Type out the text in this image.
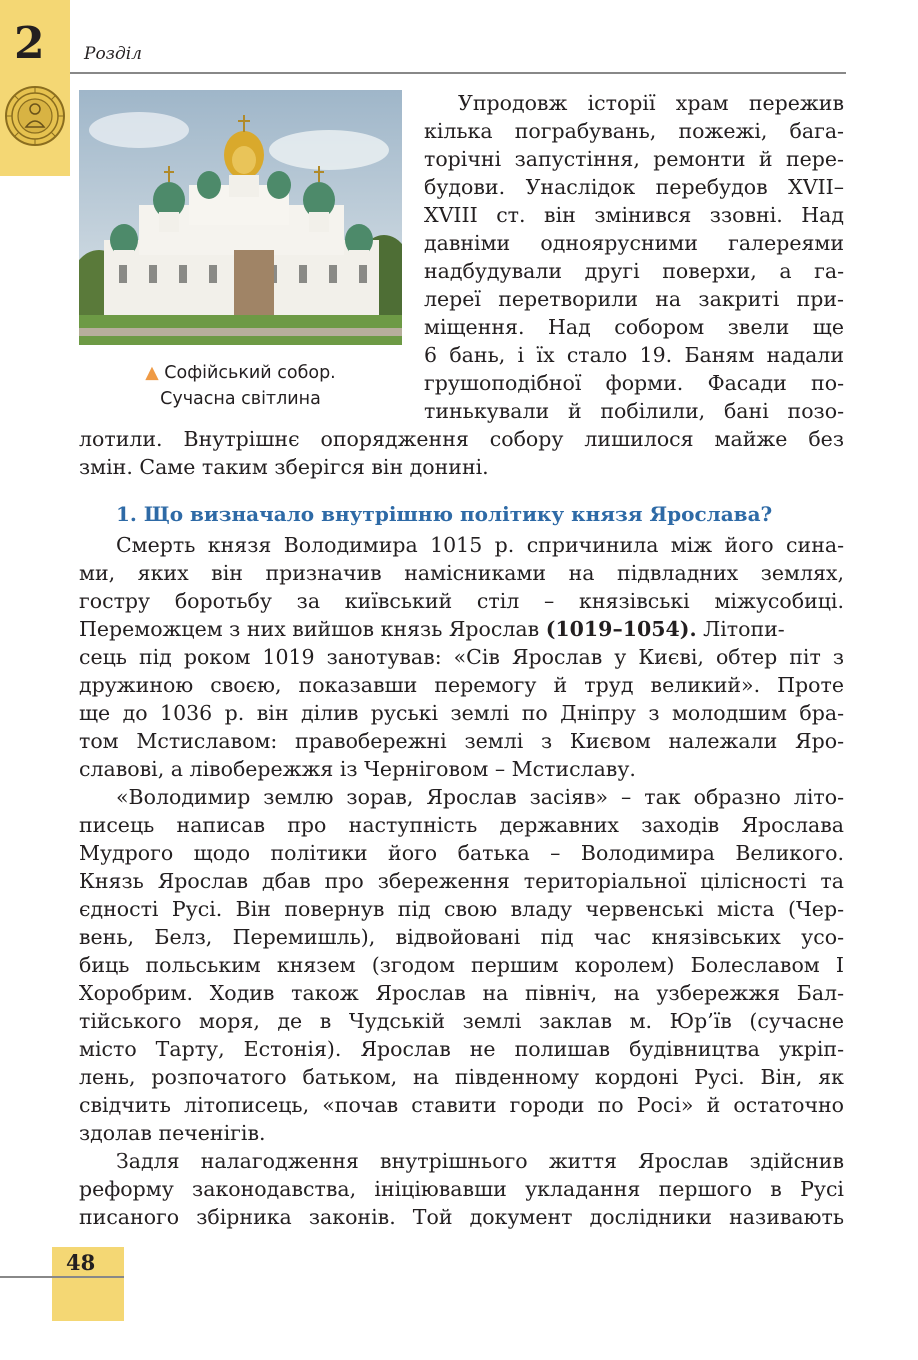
2 Розділ
▲ Софійський собор.
Сучасна світлина
Упродовж історії храм пережив
кілька пограбувань, пожежі, бага-
торічні запустіння, ремонти й пере-
будови. Унаслідок перебудов XVII–
XVIII ст. він змінився ззовні. Над
давніми одноярусними галереями
надбудували другі поверхи, а га-
лереї перетворили на закриті при-
міщення. Над собором звели ще
6 бань, і їх стало 19. Баням надали
грушоподібної форми. Фасади по-
тинькували й побілили, бані позо-
лотили. Внутрішнє опорядження собору лишилося майже без
змін. Саме таким зберігся він донині.
1. Що визначало внутрішню політику князя Ярослава?
Смерть князя Володимира 1015 р. спричинила між його сина-
ми, яких він призначив намісниками на підвладних землях,
гостру боротьбу за київський стіл – князівські міжусобиці.
Переможцем з них вийшов князь Ярослав (1019–1054). Літопи-
сець під роком 1019 занотував: «Сів Ярослав у Києві, обтер піт з
дружиною своєю, показавши перемогу й труд великий». Проте
ще до 1036 р. він ділив руські землі по Дніпру з молодшим бра-
том Мстиславом: правобережні землі з Києвом належали Яро-
славові, а лівобережжя із Черніговом – Мстиславу.
«Володимир землю зорав, Ярослав засіяв» – так образно літо-
писець написав про наступність державних заходів Ярослава
Мудрого щодо політики його батька – Володимира Великого.
Князь Ярослав дбав про збереження територіальної цілісності та
єдності Русі. Він повернув під свою владу червенські міста (Чер-
вень, Белз, Перемишль), відвойовані під час князівських усо-
биць польським князем (згодом першим королем) Болеславом І
Хоробрим. Ходив також Ярослав на північ, на узбережжя Бал-
тійського моря, де в Чудській землі заклав м. Юр’їв (сучасне
місто Тарту, Естонія). Ярослав не полишав будівництва укріп-
лень, розпочатого батьком, на південному кордоні Русі. Він, як
свідчить літописець, «почав ставити городи по Росі» й остаточно
здолав печенігів.
Задля налагодження внутрішнього життя Ярослав здійснив
реформу законодавства, ініціювавши укладання першого в Русі
писаного збірника законів. Той документ дослідники називають
48
